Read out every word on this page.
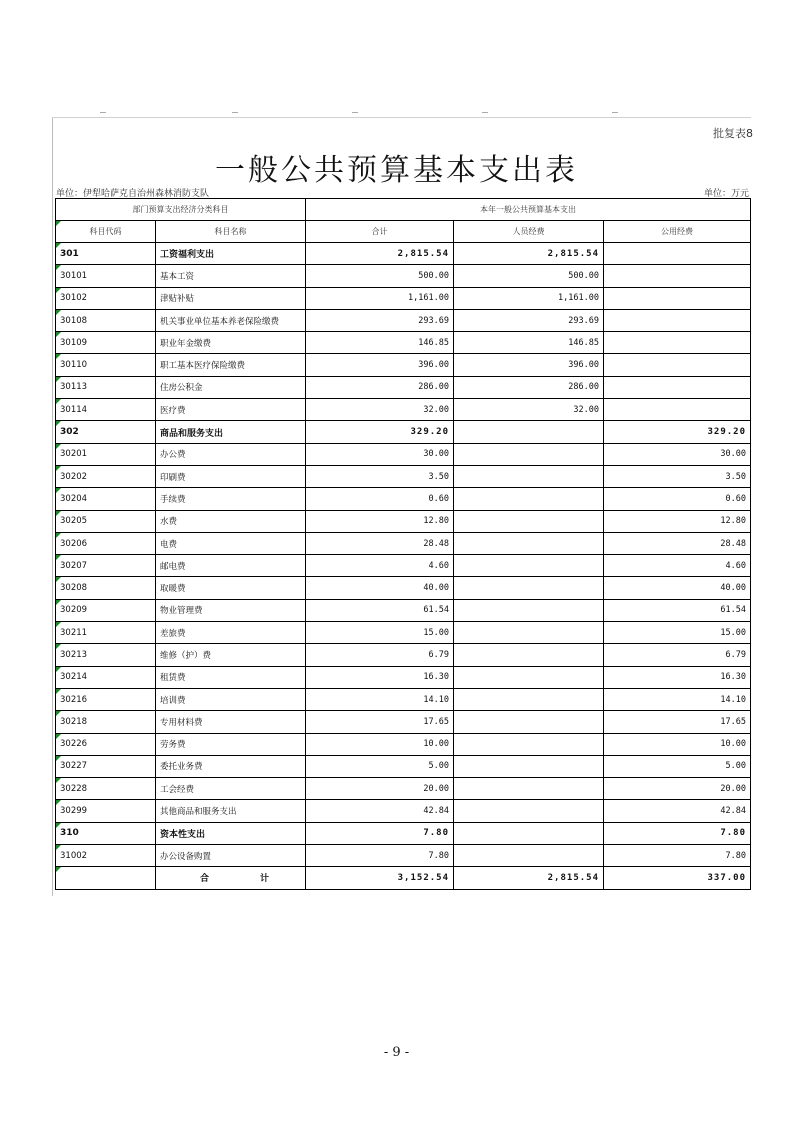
批复表8
一般公共预算基本支出表
单位：伊犁哈萨克自治州森林消防支队	单位：万元
部门预算支出经济分类科目		本年一般公共预算基本支出		
科目代码	科目名称	合计	人员经费	公用经费
301	工资福利支出	2,815.54	2,815.54	
30101	基本工资	500.00	500.00	
30102	津贴补贴	1,161.00	1,161.00	
30108	机关事业单位基本养老保险缴费	293.69	293.69	
30109	职业年金缴费	146.85	146.85	
30110	职工基本医疗保险缴费	396.00	396.00	
30113	住房公积金	286.00	286.00	
30114	医疗费	32.00	32.00	
302	商品和服务支出	329.20		329.20
30201	办公费	30.00		30.00
30202	印刷费	3.50		3.50
30204	手续费	0.60		0.60
30205	水费	12.80		12.80
30206	电费	28.48		28.48
30207	邮电费	4.60		4.60
30208	取暖费	40.00		40.00
30209	物业管理费	61.54		61.54
30211	差旅费	15.00		15.00
30213	维修（护）费	6.79		6.79
30214	租赁费	16.30		16.30
30216	培训费	14.10		14.10
30218	专用材料费	17.65		17.65
30226	劳务费	10.00		10.00
30227	委托业务费	5.00		5.00
30228	工会经费	20.00		20.00
30299	其他商品和服务支出	42.84		42.84
310	资本性支出	7.80		7.80
31002	办公设备购置	7.80		7.80

	合 计	3,152.54	2,815.54	337.00
- 9 -
